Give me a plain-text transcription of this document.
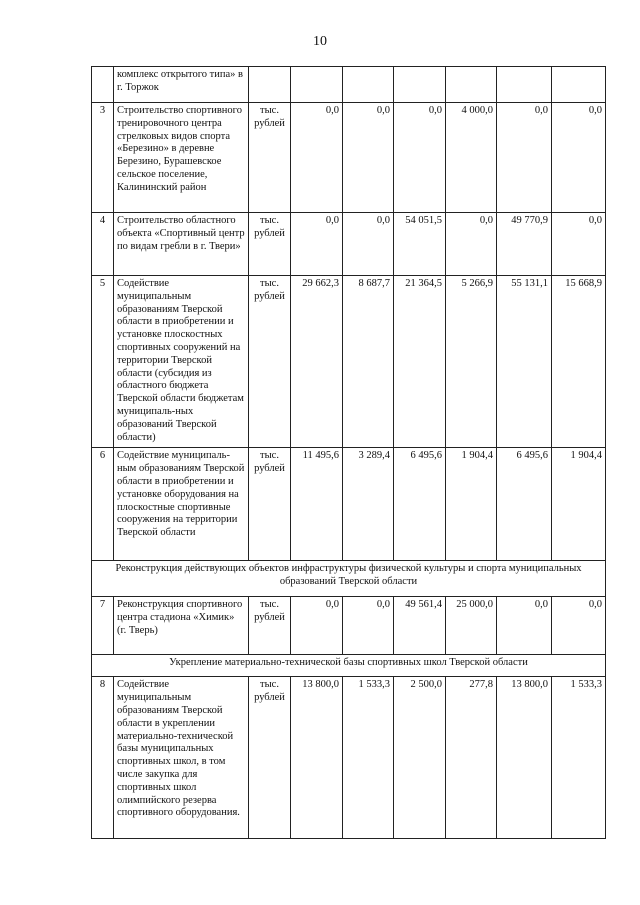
10
	комплекс открытого типа» в г. Торжок							
3	Строительство спортивного тренировочного центра стрелковых видов спорта «Березино» в деревне Березино, Бурашевское сельское поселение, Калининский район	тыс. рублей	0,0	0,0	0,0	4 000,0	0,0	0,0
4	Строительство областного объекта «Спортивный центр по видам гребли в г. Твери»	тыс. рублей	0,0	0,0	54 051,5	0,0	49 770,9	0,0
5	Содействие муниципальным образованиям Тверской области в приобретении и установке плоскостных спортивных сооружений на территории Тверской области (субсидия из областного бюджета Тверской области бюджетам муниципаль-ных образований Тверской области)	тыс. рублей	29 662,3	8 687,7	21 364,5	5 266,9	55 131,1	15 668,9
6	Содействие муниципаль-ным образованиям Тверской области в приобретении и установке оборудования на плоскостные спортивные сооружения на территории Тверской области	тыс. рублей	11 495,6	3 289,4	6 495,6	1 904,4	6 495,6	1 904,4
Реконструкция действующих объектов инфраструктуры физической культуры и спорта муниципальных образований Тверской области								
7	Реконструкция спортивного центра стадиона «Химик» (г. Тверь)	тыс. рублей	0,0	0,0	49 561,4	25 000,0	0,0	0,0
Укрепление материально-технической базы спортивных школ Тверской области								
8	Содействие муниципальным образованиям Тверской области в укреплении материально-технической базы муниципальных спортивных школ, в том числе закупка для спортивных школ олимпийского резерва спортивного оборудования.	тыс. рублей	13 800,0	1 533,3	2 500,0	277,8	13 800,0	1 533,3
